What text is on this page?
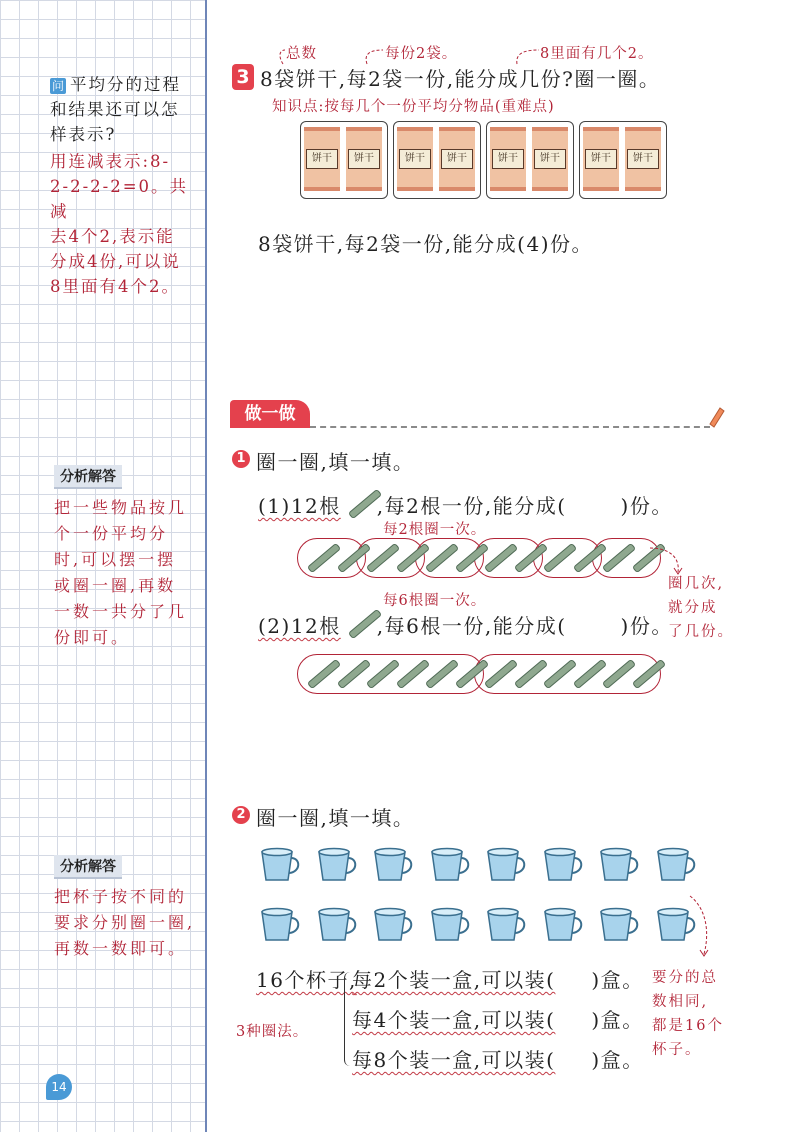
问 平均分的过程
和结果还可以怎
样表示?
用连减表示:8-
2-2-2-2=0。共减
去4个2,表示能
分成4份,可以说
8里面有4个2。
分析解答
把一些物品按几
个一份平均分
时,可以摆一摆
或圈一圈,再数
一数一共分了几
份即可。
分析解答
把杯子按不同的
要求分别圈一圈,
再数一数即可。
14
总数	每份2袋。	8里面有几个2。
3 8袋饼干,每2袋一份,能分成几份?圈一圈。
知识点:按每几个一份平均分物品(重难点)
饼干	饼干	饼干	饼干	饼干	饼干	饼干	饼干
8袋饼干,每2袋一份,能分成(4)份。
做一做
1 圈一圈,填一填。
(1)12根 ,每2根一份,能分成(	)份。
每2根圈一次。
每6根圈一次。
(2)12根 ,每6根一份,能分成(	)份。
圈几次,
就分成
了几份。
2 圈一圈,填一填。
16个杯子,
每2个装一盒,可以装( )盒。
每4个装一盒,可以装( )盒。
每8个装一盒,可以装( )盒。
3种圈法。
要分的总
数相同,
都是16个
杯子。
